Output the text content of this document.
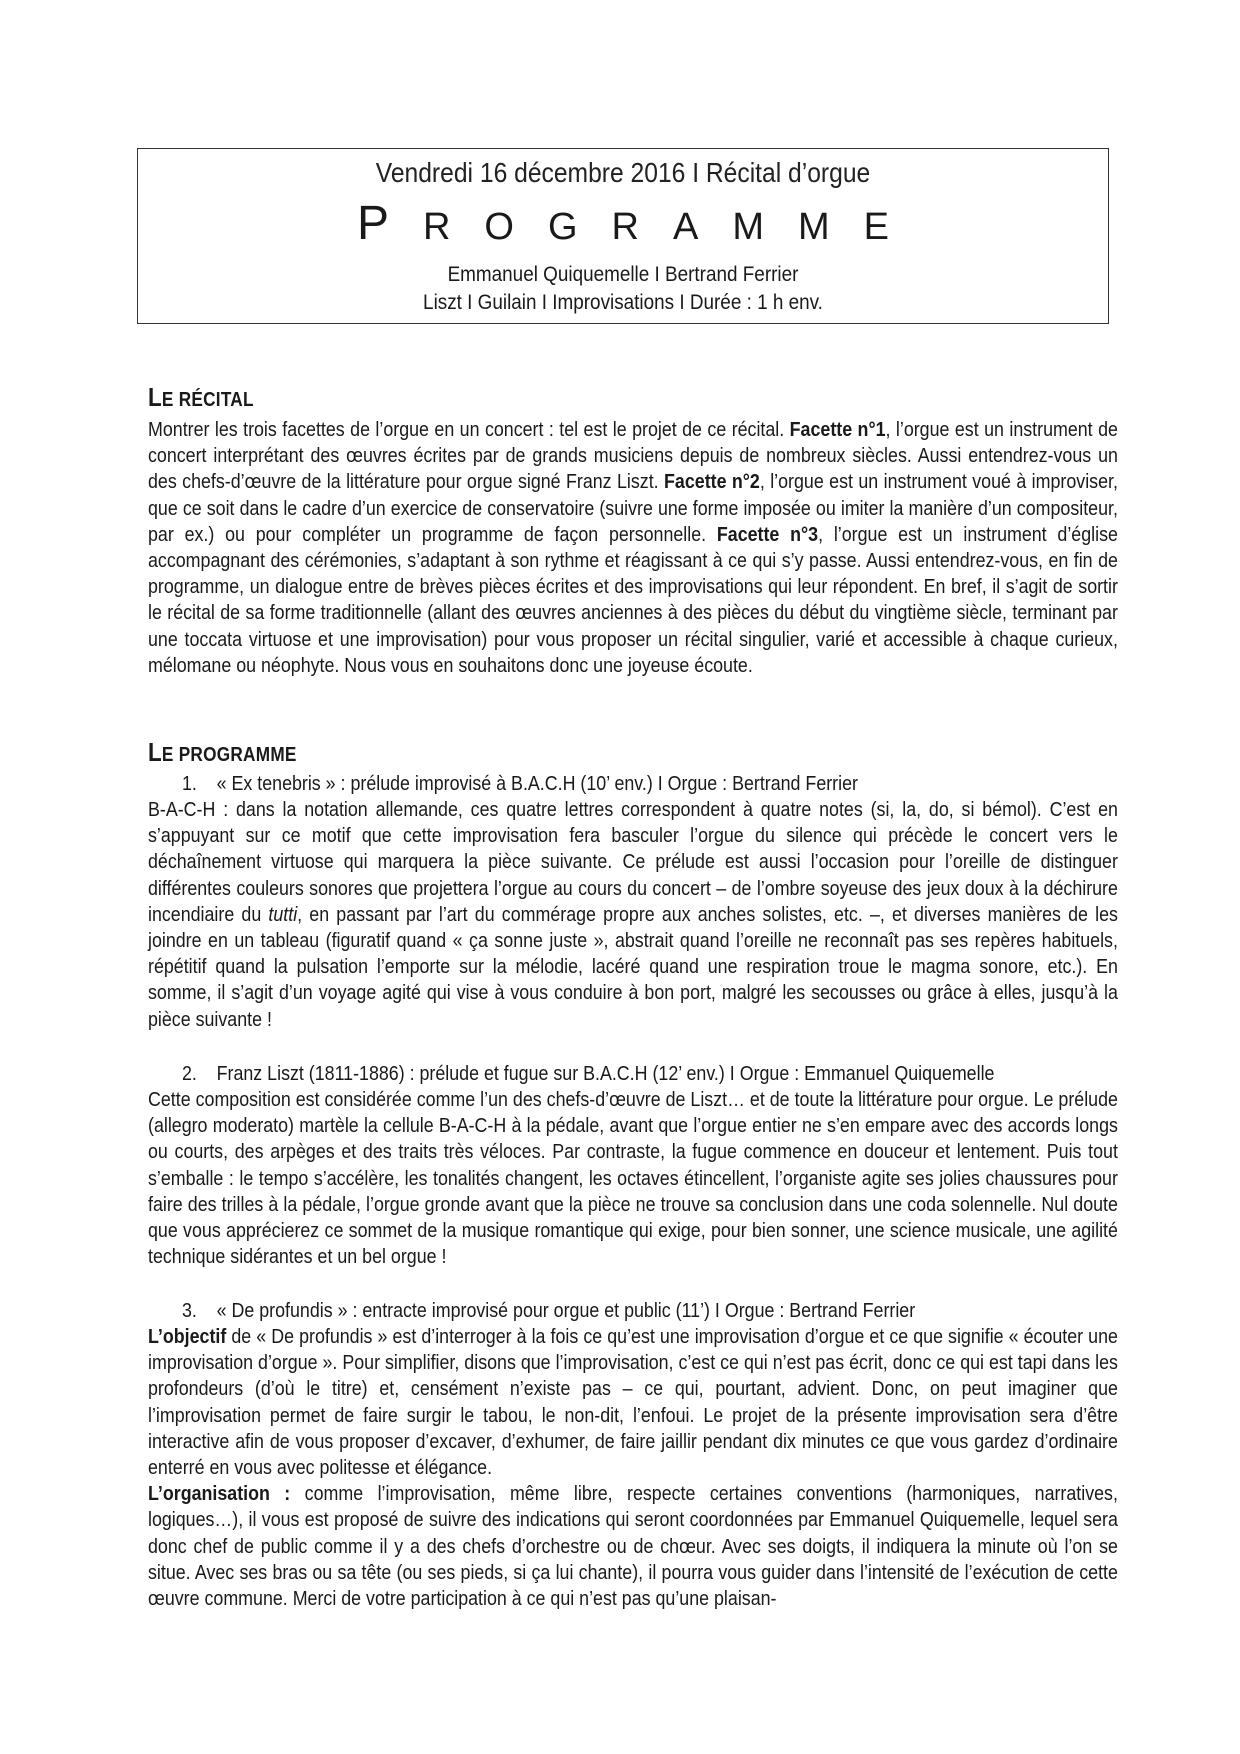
Vendredi 16 décembre 2016 I Récital d’orgue
P R O G R A M M E
Emmanuel Quiquemelle I Bertrand Ferrier
Liszt I Guilain I Improvisations I Durée : 1 h env.
LE RÉCITAL

Montrer les trois facettes de l’orgue en un concert : tel est le projet de ce récital. Facette n°1, l’orgue est un instrument de concert interprétant des œuvres écrites par de grands musiciens depuis de nombreux siècles. Aussi entendrez-vous un des chefs-d’œuvre de la littérature pour orgue signé Franz Liszt. Facette n°2, l’orgue est un instrument voué à improviser, que ce soit dans le cadre d’un exercice de conservatoire (suivre une forme imposée ou imiter la manière d’un compositeur, par ex.) ou pour compléter un programme de façon personnelle. Facette n°3, l’orgue est un instrument d’église accompagnant des cérémonies, s’adaptant à son rythme et réagissant à ce qui s’y passe. Aussi entendrez-vous, en fin de programme, un dialogue entre de brèves pièces écrites et des improvisations qui leur répondent. En bref, il s’agit de sortir le récital de sa forme traditionnelle (allant des œuvres anciennes à des pièces du début du vingtième siècle, terminant par une toccata virtuose et une improvisation) pour vous proposer un récital singulier, varié et accessible à chaque curieux, mélomane ou néophyte. Nous vous en souhaitons donc une joyeuse écoute.

LE PROGRAMME
1. « Ex tenebris » : prélude improvisé à B.A.C.H (10’ env.) I Orgue : Bertrand Ferrier

B-A-C-H : dans la notation allemande, ces quatre lettres correspondent à quatre notes (si, la, do, si bémol). C’est en s’appuyant sur ce motif que cette improvisation fera basculer l’orgue du silence qui précède le concert vers le déchaînement virtuose qui marquera la pièce suivante. Ce prélude est aussi l’occasion pour l’oreille de distinguer différentes couleurs sonores que projettera l’orgue au cours du concert – de l’ombre soyeuse des jeux doux à la déchirure incendiaire du tutti, en passant par l’art du commérage propre aux anches solistes, etc. –, et diverses manières de les joindre en un tableau (figuratif quand « ça sonne juste », abstrait quand l’oreille ne reconnaît pas ses repères habituels, répétitif quand la pulsation l’emporte sur la mélodie, lacéré quand une respiration troue le magma sonore, etc.). En somme, il s’agit d’un voyage agité qui vise à vous conduire à bon port, malgré les secousses ou grâce à elles, jusqu’à la pièce suivante !

2. Franz Liszt (1811-1886) : prélude et fugue sur B.A.C.H (12’ env.) I Orgue : Emmanuel Quiquemelle

Cette composition est considérée comme l’un des chefs-d’œuvre de Liszt… et de toute la littérature pour orgue. Le prélude (allegro moderato) martèle la cellule B-A-C-H à la pédale, avant que l’orgue entier ne s’en empare avec des accords longs ou courts, des arpèges et des traits très véloces. Par contraste, la fugue commence en douceur et lentement. Puis tout s’emballe : le tempo s’accélère, les tonalités changent, les octaves étincellent, l’organiste agite ses jolies chaussures pour faire des trilles à la pédale, l’orgue gronde avant que la pièce ne trouve sa conclusion dans une coda solennelle. Nul doute que vous apprécierez ce sommet de la musique romantique qui exige, pour bien sonner, une science musicale, une agilité technique sidérantes et un bel orgue !

3. « De profundis » : entracte improvisé pour orgue et public (11’) I Orgue : Bertrand Ferrier

L’objectif de « De profundis » est d’interroger à la fois ce qu’est une improvisation d’orgue et ce que signifie « écouter une improvisation d’orgue ». Pour simplifier, disons que l’improvisation, c’est ce qui n’est pas écrit, donc ce qui est tapi dans les profondeurs (d’où le titre) et, censément n’existe pas – ce qui, pourtant, advient. Donc, on peut imaginer que l’improvisation permet de faire surgir le tabou, le non-dit, l’enfoui. Le projet de la présente improvisation sera d’être interactive afin de vous proposer d’excaver, d’exhumer, de faire jaillir pendant dix minutes ce que vous gardez d’ordinaire enterré en vous avec politesse et élégance.

L’organisation : comme l’improvisation, même libre, respecte certaines conventions (harmoniques, narratives, logiques…), il vous est proposé de suivre des indications qui seront coordonnées par Emmanuel Quiquemelle, lequel sera donc chef de public comme il y a des chefs d’orchestre ou de chœur. Avec ses doigts, il indiquera la minute où l’on se situe. Avec ses bras ou sa tête (ou ses pieds, si ça lui chante), il pourra vous guider dans l’intensité de l’exécution de cette œuvre commune. Merci de votre participation à ce qui n’est pas qu’une plaisan-
